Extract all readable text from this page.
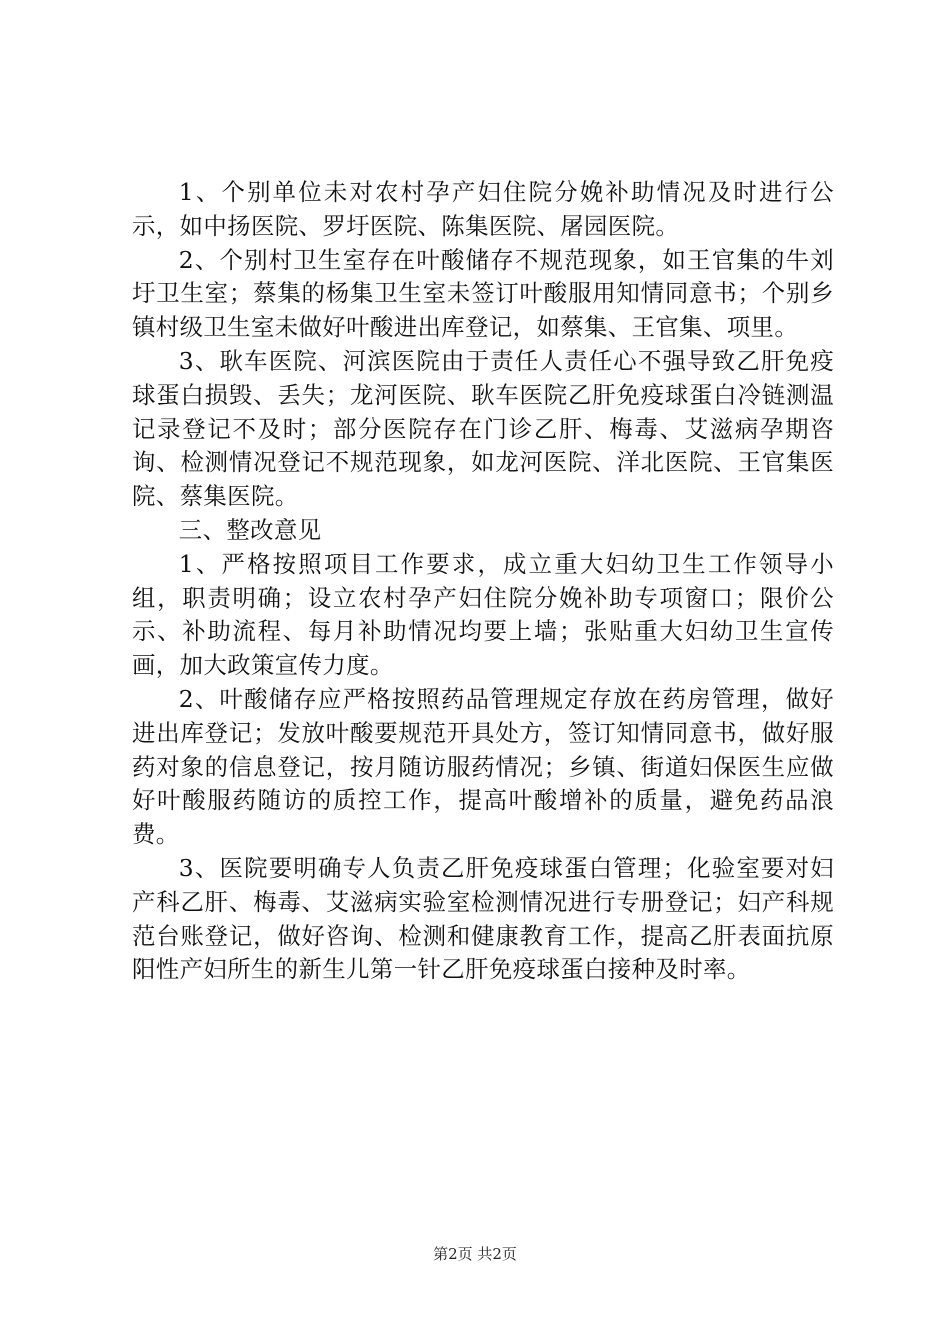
1、个别单位未对农村孕产妇住院分娩补助情况及时进行公示，如中扬医院、罗圩医院、陈集医院、屠园医院。

2、个别村卫生室存在叶酸储存不规范现象，如王官集的牛刘圩卫生室；蔡集的杨集卫生室未签订叶酸服用知情同意书；个别乡镇村级卫生室未做好叶酸进出库登记，如蔡集、王官集、项里。

3、耿车医院、河滨医院由于责任人责任心不强导致乙肝免疫球蛋白损毁、丢失；龙河医院、耿车医院乙肝免疫球蛋白冷链测温记录登记不及时；部分医院存在门诊乙肝、梅毒、艾滋病孕期咨询、检测情况登记不规范现象，如龙河医院、洋北医院、王官集医院、蔡集医院。

三、整改意见

1、严格按照项目工作要求，成立重大妇幼卫生工作领导小组，职责明确；设立农村孕产妇住院分娩补助专项窗口；限价公示、补助流程、每月补助情况均要上墙；张贴重大妇幼卫生宣传画，加大政策宣传力度。

2、叶酸储存应严格按照药品管理规定存放在药房管理，做好进出库登记；发放叶酸要规范开具处方，签订知情同意书，做好服药对象的信息登记，按月随访服药情况；乡镇、街道妇保医生应做好叶酸服药随访的质控工作，提高叶酸增补的质量，避免药品浪费。

3、医院要明确专人负责乙肝免疫球蛋白管理；化验室要对妇产科乙肝、梅毒、艾滋病实验室检测情况进行专册登记；妇产科规范台账登记，做好咨询、检测和健康教育工作，提高乙肝表面抗原阳性产妇所生的新生儿第一针乙肝免疫球蛋白接种及时率。

第2页 共2页
